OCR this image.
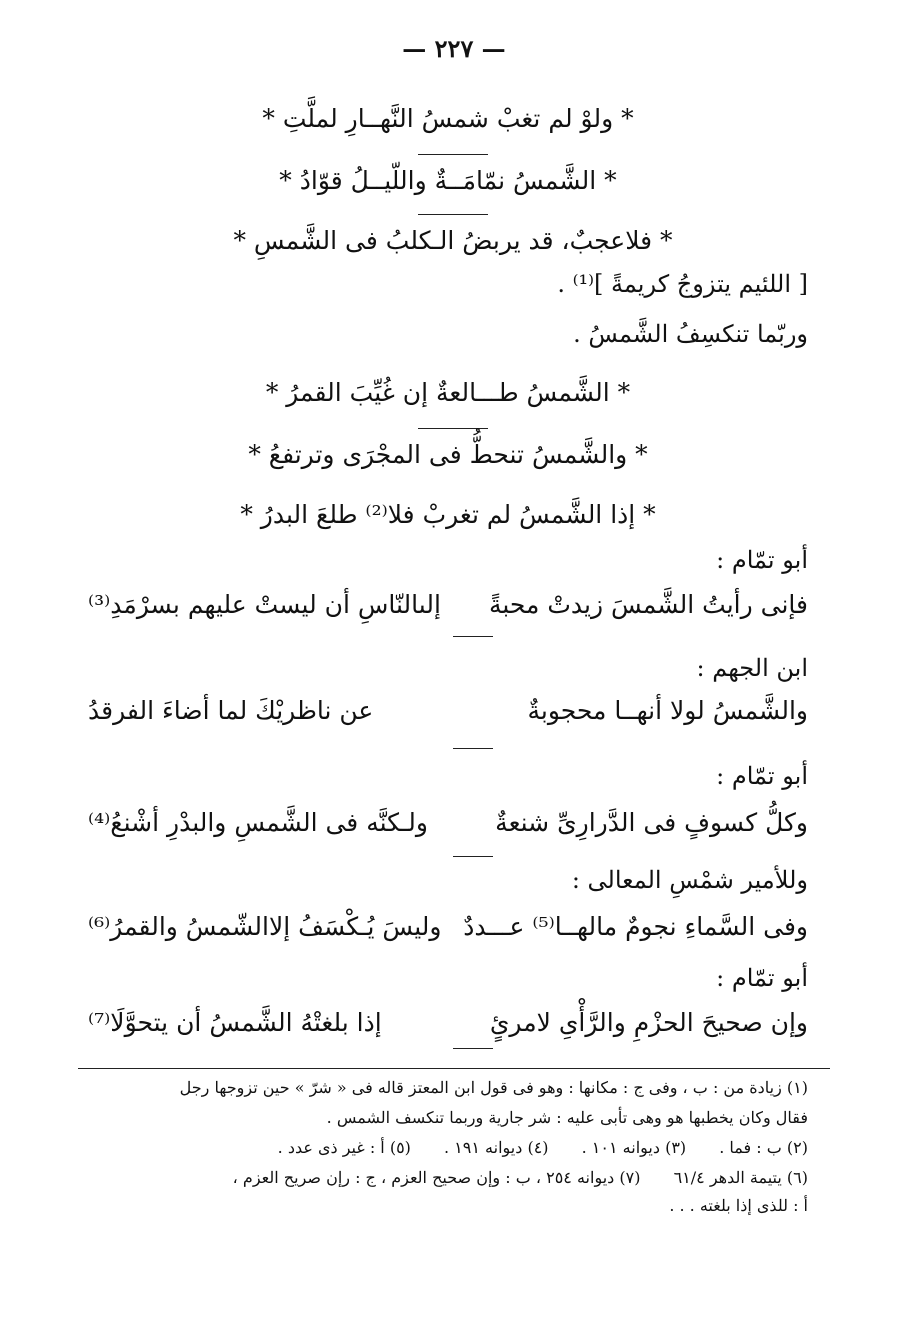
— ٢٢٧ —
* ولوْ لم تغبْ شمسُ النَّهــارِ لملَّتِ *
* الشَّمسُ نمّامَــةٌ واللّيــلُ قوّادُ *
* فلاعجبٌ، قد يربضُ الـكلبُ فى الشَّمسِ *
[ اللئيم يتزوجُ كريمةً ]⁽¹⁾ .
وربّما تنكسِفُ الشَّمسُ .
* الشَّمسُ طـــالعةٌ إن غُيِّبَ القمرُ *
* والشَّمسُ تنحطُّ فى المجْرَى وترتفعُ *
* إذا الشَّمسُ لم تغربْ فلا⁽²⁾ طلعَ البدرُ *
أبو تمّام :
فإنى رأيتُ الشَّمسَ زيدتْ محبةً
إلىالنّاسِ أن ليستْ عليهم بسرْمَدِ⁽³⁾
ابن الجهم :
والشَّمسُ لولا أنهــا محجوبةٌ
عن ناظريْكَ لما أضاءَ الفرقدُ
أبو تمّام :
وكلُّ كسوفٍ فى الدَّرارِىِّ شنعةٌ
ولـكنَّه فى الشَّمسِ والبدْرِ أشْنعُ⁽⁴⁾
وللأمير شمْسِ المعالى :
وفى السَّماءِ نجومٌ مالهــا⁽⁵⁾ عـــددٌ
وليسَ يُـكْسَفُ إلاالشّمسُ والقمرُ⁽⁶⁾
أبو تمّام :
وإن صحيحَ الحزْمِ والرَّأْىِ لامرئٍ
إذا بلغتْهُ الشَّمسُ أن يتحوَّلَا⁽⁷⁾
(١) زيادة من : ب ، وفى ج : مكانها : وهو فى قول ابن المعتز قاله فى « شرّ » حين تزوجها رجل
فقال وكان يخطبها هو وهى تأبى عليه : شر جارية وربما تنكسف الشمس .
(٢) ب : فما . (٣) ديوانه ١٠١ . (٤) ديوانه ١٩١ . (٥) أ : غير ذى عدد .
(٦) يتيمة الدهر ٦١/٤ (٧) ديوانه ٢٥٤ ، ب : وإن صحيح العزم ، ج : رإن صريح العزم ،
أ : للذى إذا بلغته . . .
